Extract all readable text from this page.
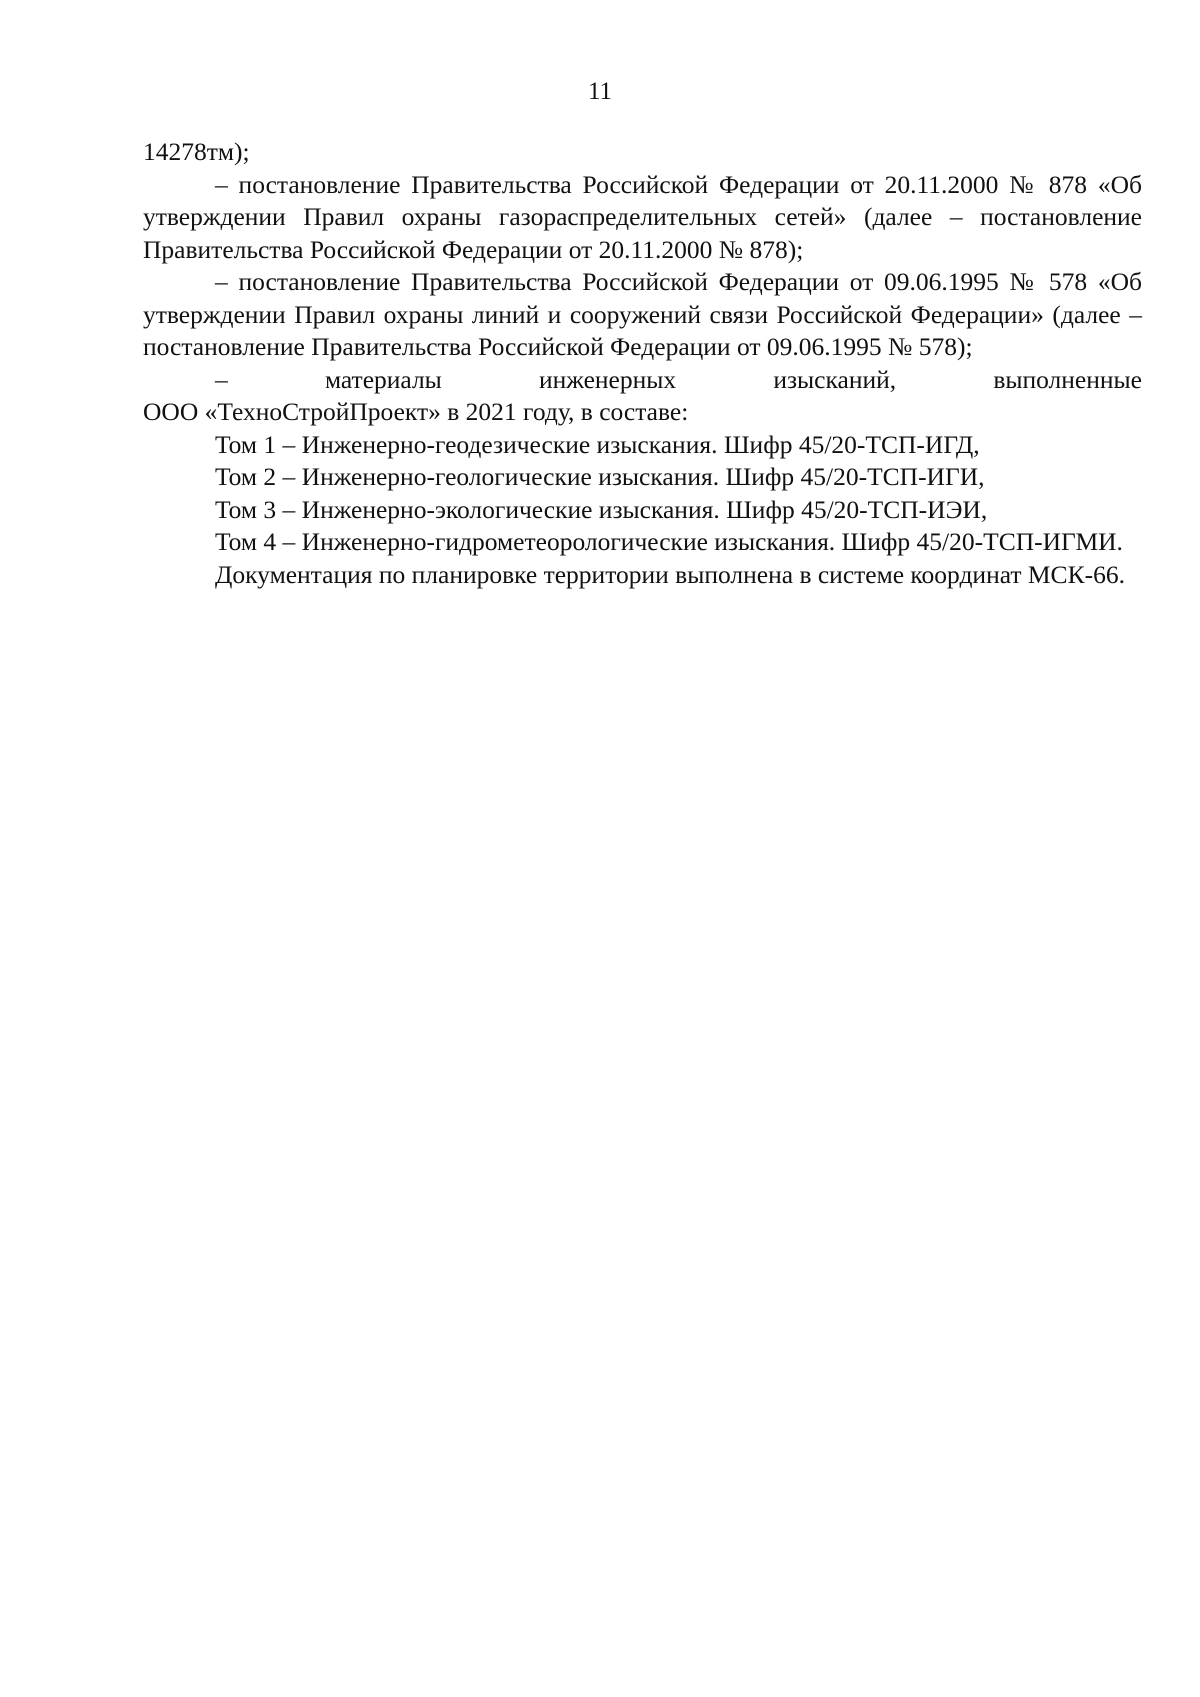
11

14278тм);

– постановление Правительства Российской Федерации от 20.11.2000 № 878 «Об утверждении Правил охраны газораспределительных сетей» (далее – постановление Правительства Российской Федерации от 20.11.2000 № 878);

– постановление Правительства Российской Федерации от 09.06.1995 № 578 «Об утверждении Правил охраны линий и сооружений связи Российской Федерации» (далее – постановление Правительства Российской Федерации от 09.06.1995 № 578);

– материалы инженерных изысканий, выполненные

ООО «ТехноСтройПроект» в 2021 году, в составе:

Том 1 – Инженерно-геодезические изыскания. Шифр 45/20-ТСП-ИГД,

Том 2 – Инженерно-геологические изыскания. Шифр 45/20-ТСП-ИГИ,

Том 3 – Инженерно-экологические изыскания. Шифр 45/20-ТСП-ИЭИ,

Том 4 – Инженерно-гидрометеорологические изыскания. Шифр 45/20-ТСП-ИГМИ.

Документация по планировке территории выполнена в системе координат МСК-66.
